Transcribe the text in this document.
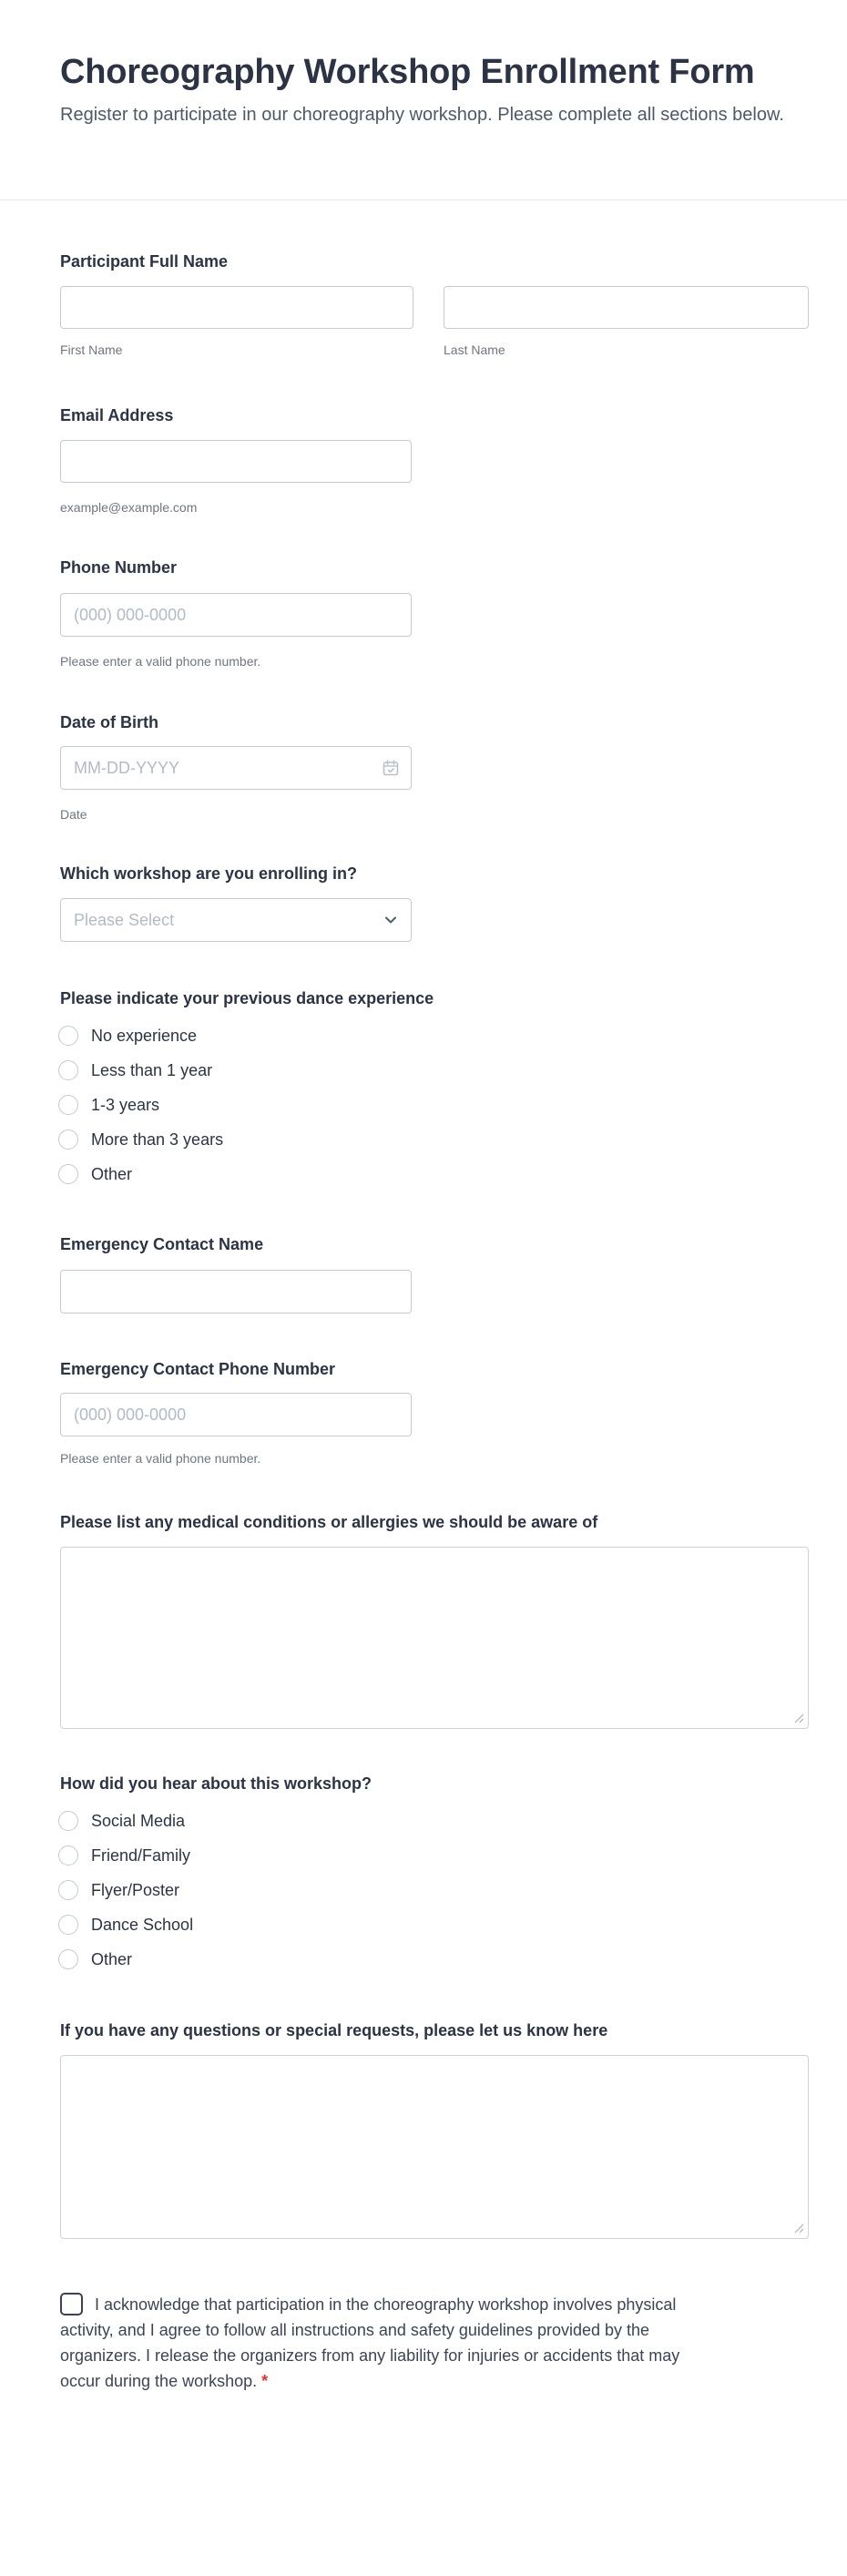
Choreography Workshop Enrollment Form
Register to participate in our choreography workshop. Please complete all sections below.
Participant Full Name
First Name	Last Name
Email Address
example@example.com
Phone Number
(000) 000-0000
Please enter a valid phone number.
Date of Birth
MM-DD-YYYY
Date
Which workshop are you enrolling in?
Please Select
Please indicate your previous dance experience
No experience
Less than 1 year
1-3 years
More than 3 years
Other
Emergency Contact Name
Emergency Contact Phone Number
(000) 000-0000
Please enter a valid phone number.
Please list any medical conditions or allergies we should be aware of
How did you hear about this workshop?
Social Media
Friend/Family
Flyer/Poster
Dance School
Other
If you have any questions or special requests, please let us know here
I acknowledge that participation in the choreography workshop involves physical activity, and I agree to follow all instructions and safety guidelines provided by the organizers. I release the organizers from any liability for injuries or accidents that may occur during the workshop. *
